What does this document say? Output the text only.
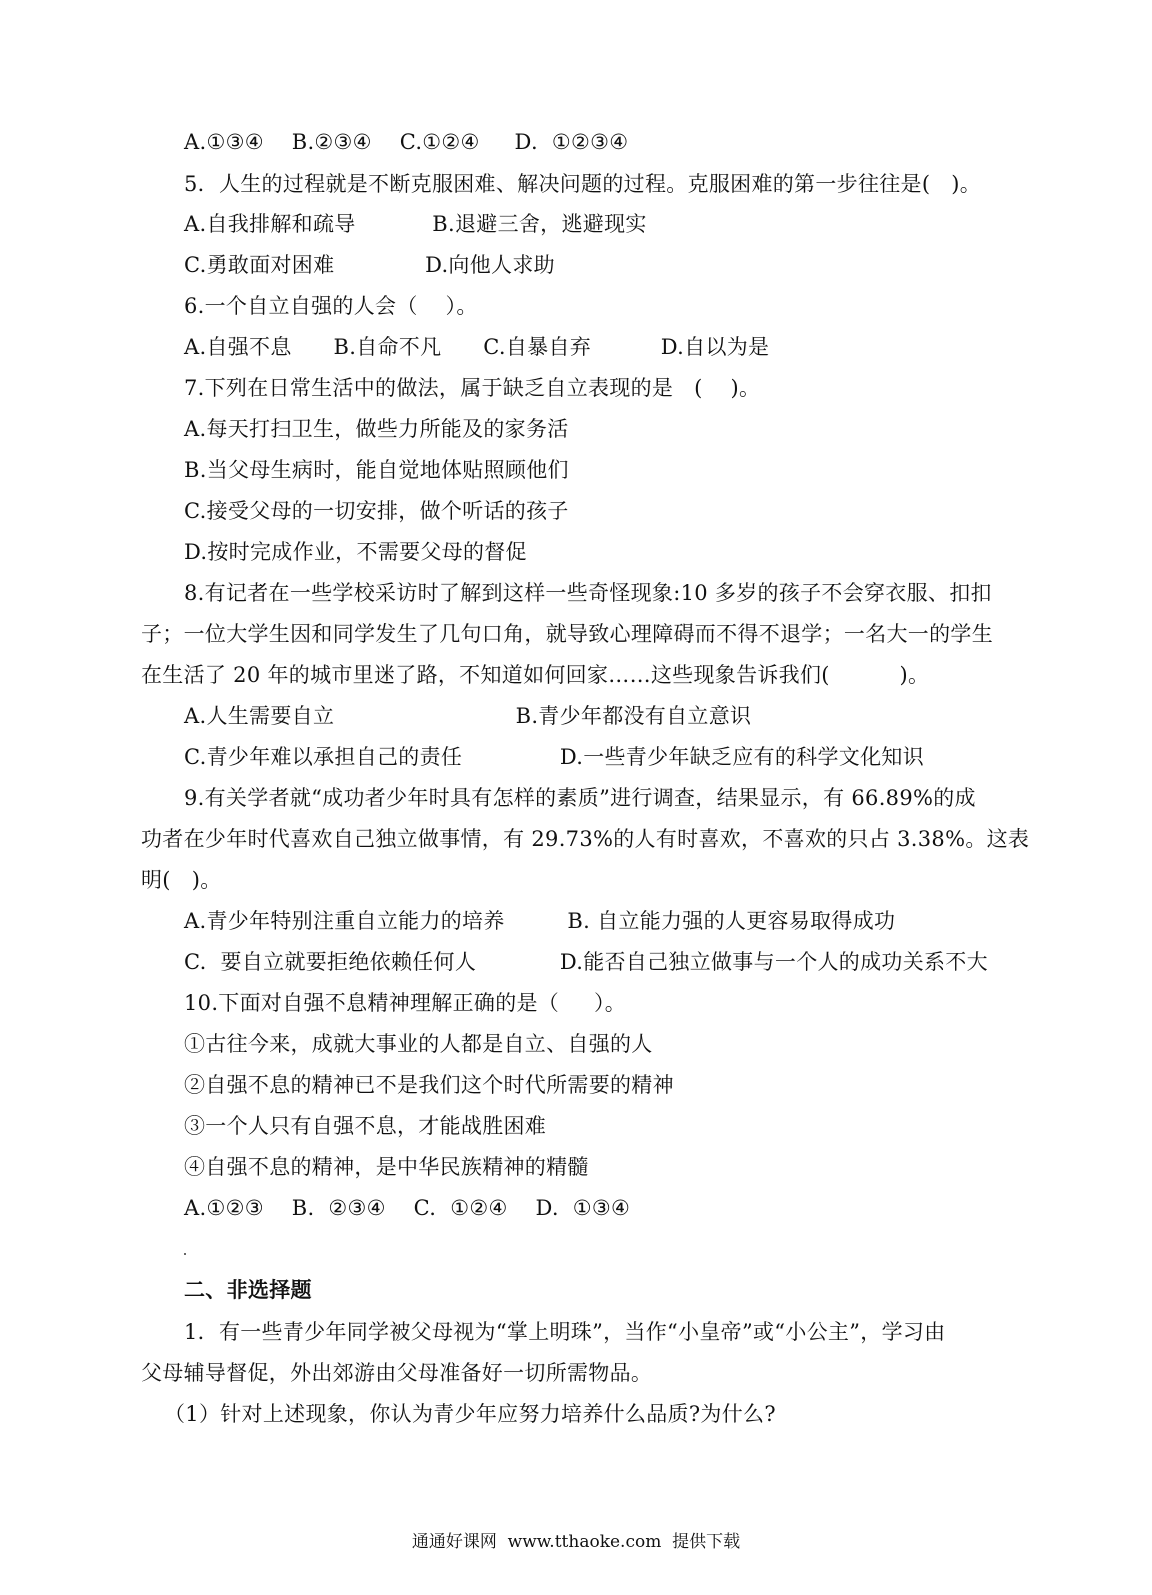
A.①③④    B.②③④    C.①②④     D.  ①②③④
5．人生的过程就是不断克服困难、解决问题的过程。克服困难的第一步往往是(   )。
A.自我排解和疏导           B.退避三舍，逃避现实
C.勇敢面对困难             D.向他人求助
6.一个自立自强的人会（    ）。
A.自强不息      B.自命不凡      C.自暴自弃          D.自以为是
7.下列在日常生活中的做法，属于缺乏自立表现的是   (    )。
A.每天打扫卫生，做些力所能及的家务活
B.当父母生病时，能自觉地体贴照顾他们
C.接受父母的一切安排，做个听话的孩子
D.按时完成作业，不需要父母的督促
8.有记者在一些学校采访时了解到这样一些奇怪现象:10 多岁的孩子不会穿衣服、扣扣
子；一位大学生因和同学发生了几句口角，就导致心理障碍而不得不退学；一名大一的学生
在生活了 20 年的城市里迷了路，不知道如何回家……这些现象告诉我们(          )。
A.人生需要自立                          B.青少年都没有自立意识
C.青少年难以承担自己的责任              D.一些青少年缺乏应有的科学文化知识
9.有关学者就“成功者少年时具有怎样的素质”进行调查，结果显示，有 66.89%的成
功者在少年时代喜欢自己独立做事情，有 29.73%的人有时喜欢，不喜欢的只占 3.38%。这表
明(   )。
A.青少年特别注重自立能力的培养         B. 自立能力强的人更容易取得成功
C.  要自立就要拒绝依赖任何人            D.能否自己独立做事与一个人的成功关系不大
10.下面对自强不息精神理解正确的是（     ）。
①古往今来，成就大事业的人都是自立、自强的人
②自强不息的精神已不是我们这个时代所需要的精神
③一个人只有自强不息，才能战胜困难
④自强不息的精神，是中华民族精神的精髓
A.①②③    B.  ②③④    C.  ①②④    D.  ①③④
二、非选择题
1．有一些青少年同学被父母视为“掌上明珠”，当作“小皇帝”或“小公主”，学习由
父母辅导督促，外出郊游由父母准备好一切所需物品。
（1）针对上述现象，你认为青少年应努力培养什么品质?为什么?
通通好课网  www.tthaoke.com  提供下载
